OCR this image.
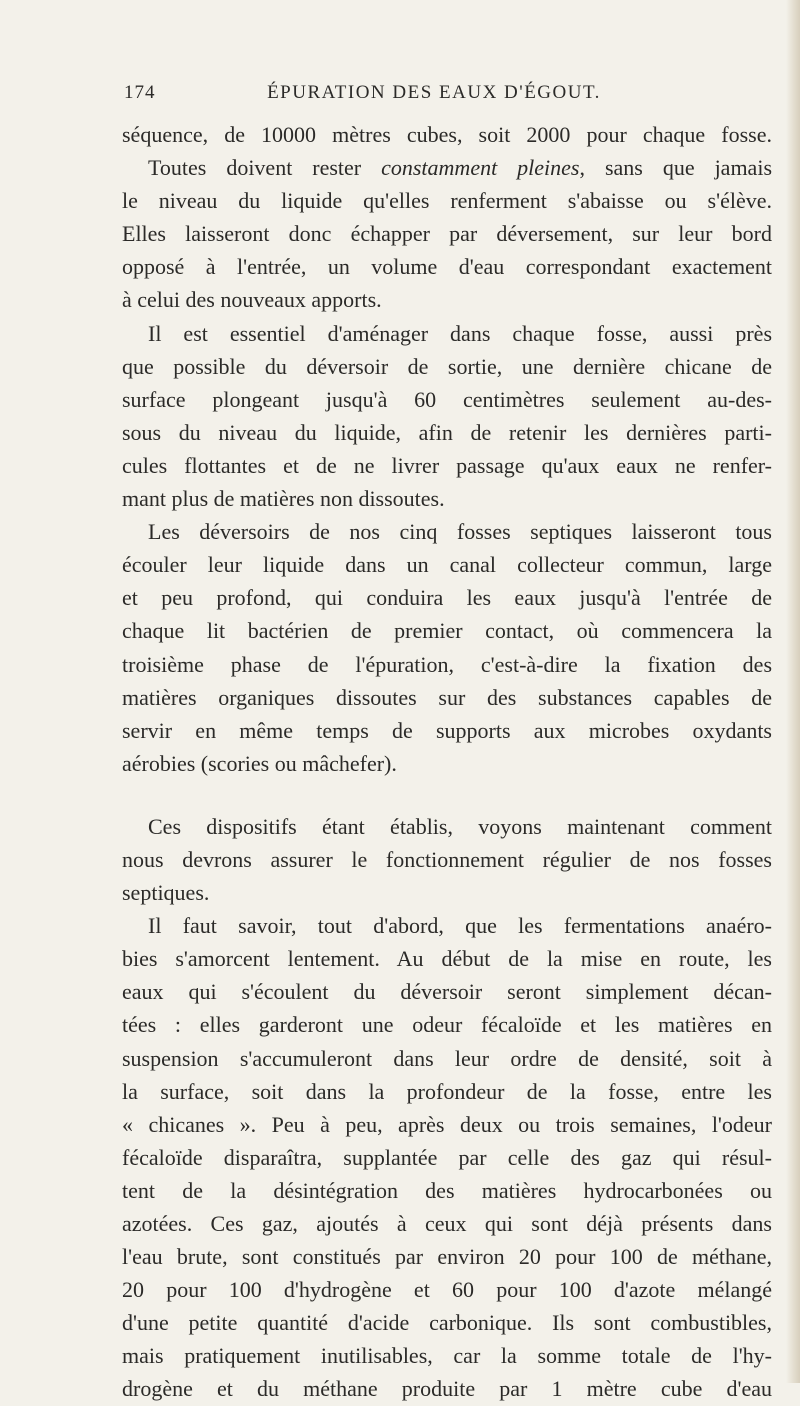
174	ÉPURATION DES EAUX D'ÉGOUT.
séquence, de 10000 mètres cubes, soit 2000 pour chaque fosse.
Toutes doivent rester constamment pleines, sans que jamais
le niveau du liquide qu'elles renferment s'abaisse ou s'élève.
Elles laisseront donc échapper par déversement, sur leur bord
opposé à l'entrée, un volume d'eau correspondant exactement
à celui des nouveaux apports.
Il est essentiel d'aménager dans chaque fosse, aussi près
que possible du déversoir de sortie, une dernière chicane de
surface plongeant jusqu'à 60 centimètres seulement au-des-
sous du niveau du liquide, afin de retenir les dernières parti-
cules flottantes et de ne livrer passage qu'aux eaux ne renfer-
mant plus de matières non dissoutes.
Les déversoirs de nos cinq fosses septiques laisseront tous
écouler leur liquide dans un canal collecteur commun, large
et peu profond, qui conduira les eaux jusqu'à l'entrée de
chaque lit bactérien de premier contact, où commencera la
troisième phase de l'épuration, c'est-à-dire la fixation des
matières organiques dissoutes sur des substances capables de
servir en même temps de supports aux microbes oxydants
aérobies (scories ou mâchefer).
Ces dispositifs étant établis, voyons maintenant comment
nous devrons assurer le fonctionnement régulier de nos fosses
septiques.
Il faut savoir, tout d'abord, que les fermentations anaéro-
bies s'amorcent lentement. Au début de la mise en route, les
eaux qui s'écoulent du déversoir seront simplement décan-
tées : elles garderont une odeur fécaloïde et les matières en
suspension s'accumuleront dans leur ordre de densité, soit à
la surface, soit dans la profondeur de la fosse, entre les
« chicanes ». Peu à peu, après deux ou trois semaines, l'odeur
fécaloïde disparaîtra, supplantée par celle des gaz qui résul-
tent de la désintégration des matières hydrocarbonées ou
azotées. Ces gaz, ajoutés à ceux qui sont déjà présents dans
l'eau brute, sont constitués par environ 20 pour 100 de méthane,
20 pour 100 d'hydrogène et 60 pour 100 d'azote mélangé
d'une petite quantité d'acide carbonique. Ils sont combustibles,
mais pratiquement inutilisables, car la somme totale de l'hy-
drogène et du méthane produite par 1 mètre cube d'eau
